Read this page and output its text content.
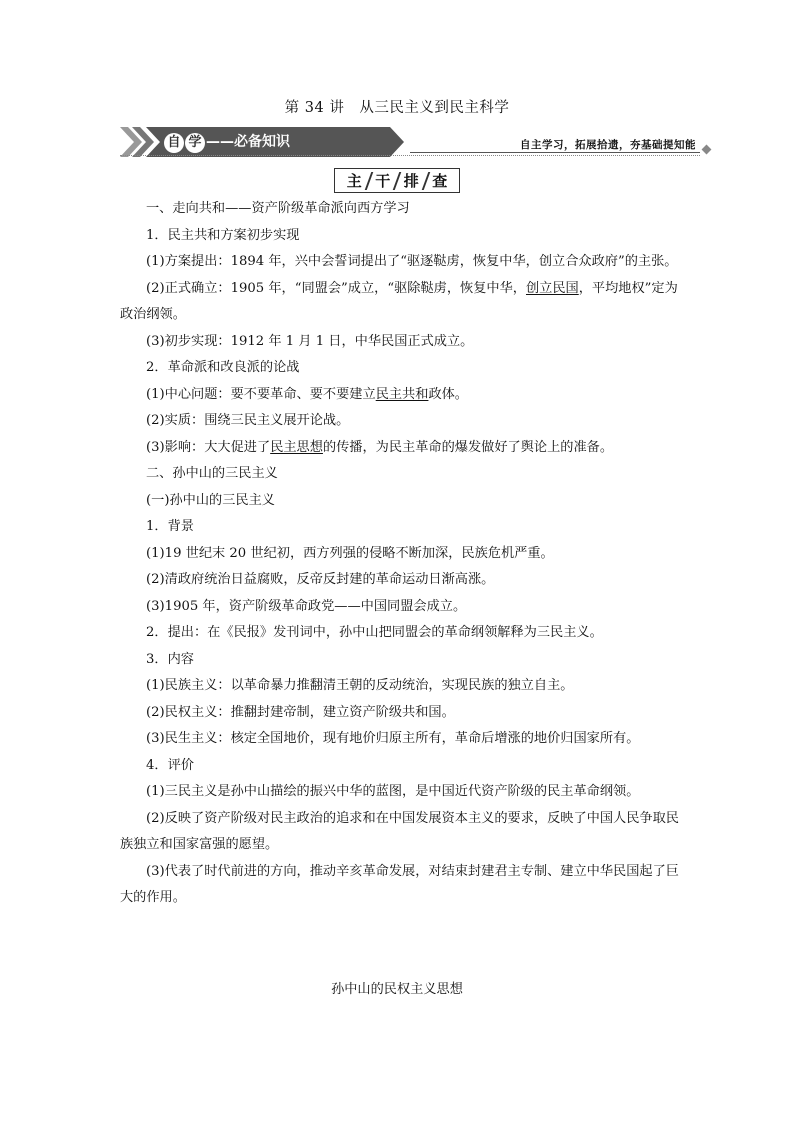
第 34 讲　从三民主义到民主科学
自 学 ——必备知识	自主学习，拓展拾遗，夯基础提知能
主 干 排 查

一、走向共和——资产阶级革命派向西方学习

1．民主共和方案初步实现

(1)方案提出：1894 年，兴中会誓词提出了“驱逐鞑虏，恢复中华，创立合众政府”的主张。

(2)正式确立：1905 年，“同盟会”成立，“驱除鞑虏，恢复中华，创立民国，平均地权”定为政治纲领。

(3)初步实现：1912 年 1 月 1 日，中华民国正式成立。

2．革命派和改良派的论战

(1)中心问题：要不要革命、要不要建立民主共和政体。

(2)实质：围绕三民主义展开论战。

(3)影响：大大促进了民主思想的传播，为民主革命的爆发做好了舆论上的准备。

二、孙中山的三民主义

(一)孙中山的三民主义

1．背景

(1)19 世纪末 20 世纪初，西方列强的侵略不断加深，民族危机严重。

(2)清政府统治日益腐败，反帝反封建的革命运动日渐高涨。

(3)1905 年，资产阶级革命政党——中国同盟会成立。

2．提出：在《民报》发刊词中，孙中山把同盟会的革命纲领解释为三民主义。

3．内容

(1)民族主义：以革命暴力推翻清王朝的反动统治，实现民族的独立自主。

(2)民权主义：推翻封建帝制，建立资产阶级共和国。

(3)民生主义：核定全国地价，现有地价归原主所有，革命后增涨的地价归国家所有。

4．评价

(1)三民主义是孙中山描绘的振兴中华的蓝图，是中国近代资产阶级的民主革命纲领。

(2)反映了资产阶级对民主政治的追求和在中国发展资本主义的要求，反映了中国人民争取民族独立和国家富强的愿望。

(3)代表了时代前进的方向，推动辛亥革命发展，对结束封建君主专制、建立中华民国起了巨大的作用。

孙中山的民权主义思想
